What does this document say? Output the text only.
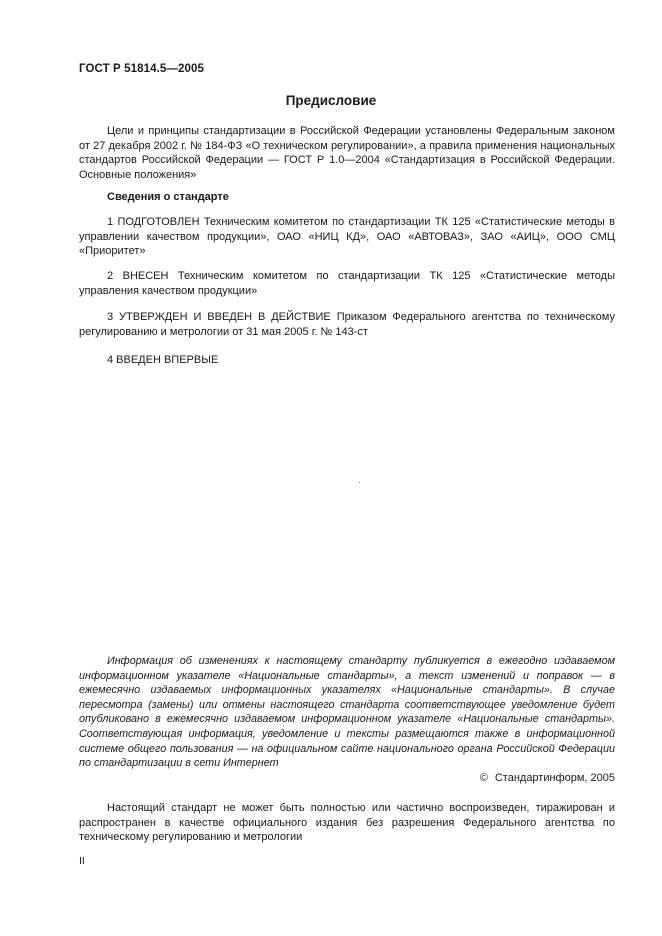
ГОСТ Р 51814.5—2005
Предисловие

Цели и принципы стандартизации в Российской Федерации установлены Федеральным законом от 27 декабря 2002 г. № 184-ФЗ «О техническом регулировании», а правила применения национальных стандартов Российской Федерации — ГОСТ Р 1.0—2004 «Стандартизация в Российской Федерации. Основные положения»

Сведения о стандарте

1 ПОДГОТОВЛЕН Техническим комитетом по стандартизации ТК 125 «Статистические методы в управлении качеством продукции», ОАО «НИЦ КД», ОАО «АВТОВАЗ», ЗАО «АИЦ», ООО СМЦ «Приоритет»

2 ВНЕСЕН Техническим комитетом по стандартизации ТК 125 «Статистические методы управления качеством продукции»

3 УТВЕРЖДЕН И ВВЕДЕН В ДЕЙСТВИЕ Приказом Федерального агентства по техническому регулированию и метрологии от 31 мая 2005 г. № 143-ст

4 ВВЕДЕН ВПЕРВЫЕ

Информация об изменениях к настоящему стандарту публикуется в ежегодно издаваемом информационном указателе «Национальные стандарты», а текст изменений и поправок — в ежемесячно издаваемых информационных указателях «Национальные стандарты». В случае пересмотра (замены) или отмены настоящего стандарта соответствующее уведомление будет опубликовано в ежемесячно издаваемом информационном указателе «Национальные стандарты». Соответствующая информация, уведомление и тексты размещаются также в информационной системе общего пользования — на официальном сайте национального органа Российской Федерации по стандартизации в сети Интернет

© Стандартинформ, 2005

Настоящий стандарт не может быть полностью или частично воспроизведен, тиражирован и распространен в качестве официального издания без разрешения Федерального агентства по техническому регулированию и метрологии

II
